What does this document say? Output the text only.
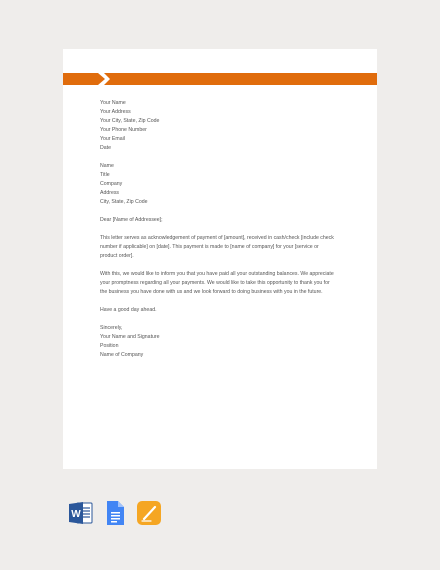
Your Name
Your Address
Your City, State, Zip Code
Your Phone Number
Your Email
Date
Name
Title
Company
Address
City, State, Zip Code
Dear [Name of Addressee];
This letter serves as acknowledgement of payment of [amount], received in cash/check [include check
number if applicable] on [date]. This payment is made to [name of company] for your [service or
product order].
With this, we would like to inform you that you have paid all your outstanding balances. We appreciate
your promptness regarding all your payments. We would like to take this opportunity to thank you for
the business you have done with us and we look forward to doing business with you in the future.
Have a good day ahead.
Sincerely,
Your Name and Signature
Position
Name of Company
W
